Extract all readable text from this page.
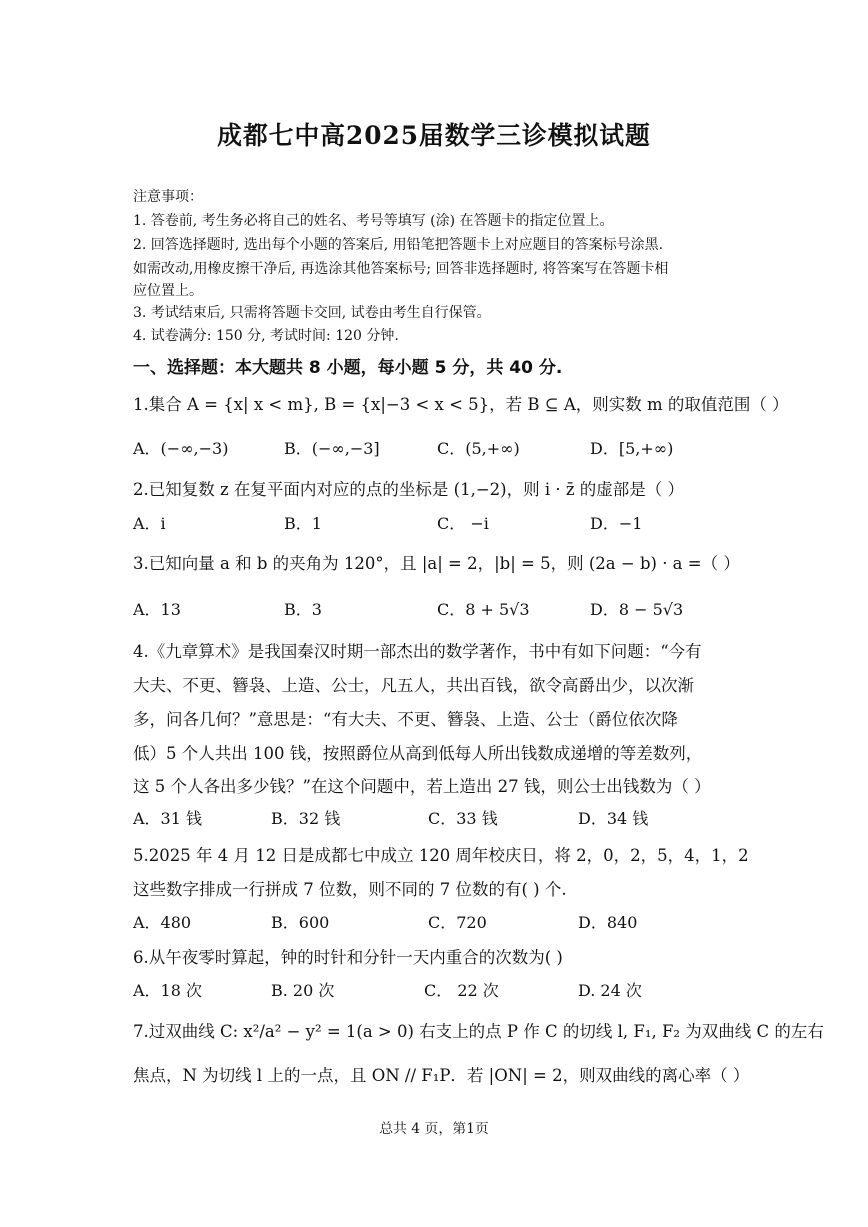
成都七中高2025届数学三诊模拟试题
注意事项：
1. 答卷前, 考生务必将自己的姓名、考号等填写 (涂) 在答题卡的指定位置上。
2. 回答选择题时, 选出每个小题的答案后, 用铅笔把答题卡上对应题目的答案标号涂黑.
如需改动,用橡皮擦干净后, 再选涂其他答案标号; 回答非选择题时, 将答案写在答题卡相
应位置上。
3. 考试结束后, 只需将答题卡交回, 试卷由考生自行保管。
4. 试卷满分: 150 分, 考试时间: 120 分钟.
一、选择题：本大题共 8 小题，每小题 5 分，共 40 分.
1.集合 A = {x| x < m}, B = {x|−3 < x < 5}，若 B ⊆ A，则实数 m 的取值范围（ ）
A．(−∞,−3)	B．(−∞,−3]	C．(5,+∞)	D．[5,+∞)
2.已知复数 z 在复平面内对应的点的坐标是 (1,−2)，则 i · z̄ 的虚部是（ ）
A．i	B．1	C． −i	D．−1
3.已知向量 a 和 b 的夹角为 120°，且 |a| = 2，|b| = 5，则 (2a − b) · a =（ ）
A．13	B．3	C．8 + 5√3	D．8 − 5√3
4.《九章算术》是我国秦汉时期一部杰出的数学著作，书中有如下问题：“今有
大夫、不更、簪袅、上造、公士，凡五人，共出百钱，欲令高爵出少，以次渐
多，问各几何？”意思是：“有大夫、不更、簪袅、上造、公士（爵位依次降
低）5 个人共出 100 钱，按照爵位从高到低每人所出钱数成递增的等差数列，
这 5 个人各出多少钱？”在这个问题中，若上造出 27 钱，则公士出钱数为（ ）
A．31 钱	B．32 钱	C．33 钱	D．34 钱
5.2025 年 4 月 12 日是成都七中成立 120 周年校庆日，将 2，0，2，5，4，1，2
这些数字排成一行拼成 7 位数，则不同的 7 位数的有( ) 个.
A．480	B．600	C．720	D．840
6.从午夜零时算起，钟的时针和分针一天内重合的次数为( )
A．18 次	B. 20 次	C． 22 次	D. 24 次
7.过双曲线 C: x²/a² − y² = 1(a > 0) 右支上的点 P 作 C 的切线 l, F₁, F₂ 为双曲线 C 的左右
焦点，N 为切线 l 上的一点，且 ON // F₁P．若 |ON| = 2，则双曲线的离心率（ ）
总共 4 页，第1页
